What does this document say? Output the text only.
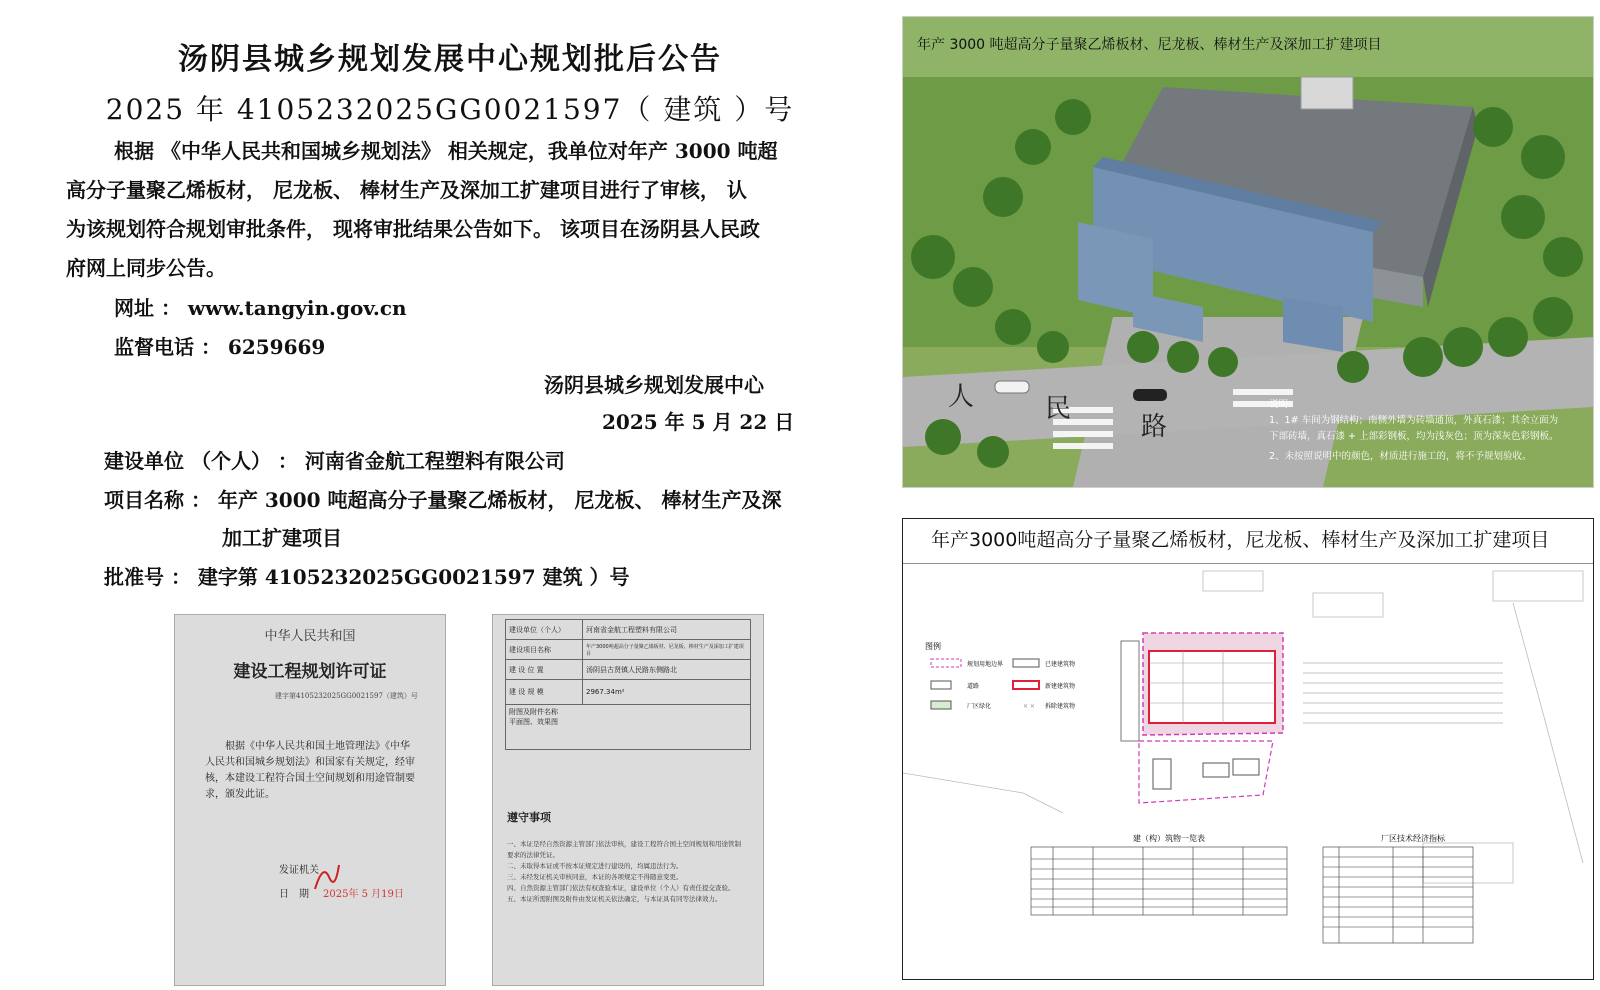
汤阴县城乡规划发展中心规划批后公告
2025 年 4105232025GG0021597（ 建筑 ）号
根据 《中华人民共和国城乡规划法》 相关规定，我单位对年产 3000 吨超
高分子量聚乙烯板材， 尼龙板、 棒材生产及深加工扩建项目进行了审核， 认
为该规划符合规划审批条件， 现将审批结果公告如下。 该项目在汤阴县人民政
府网上同步公告。
网址 ： www.tangyin.gov.cn
监督电话 ： 6259669
汤阴县城乡规划发展中心
2025 年 5 月 22 日
建设单位 （个人） ： 河南省金航工程塑料有限公司
项目名称 ： 年产 3000 吨超高分子量聚乙烯板材， 尼龙板、 棒材生产及深
加工扩建项目
批准号 ： 建字第 4105232025GG0021597 建筑 ）号
中华人民共和国
建设工程规划许可证
建字第4105232025GG0021597（建筑）号
根据《中华人民共和国土地管理法》《中华人民共和国城乡规划法》和国家有关规定，经审核，本建设工程符合国土空间规划和用途管制要求，颁发此证。
发证机关
日　期 2025年 5 月19日
建设单位（个人）	河南省金航工程塑料有限公司
建设项目名称	年产3000吨超高分子量聚乙烯板材、尼龙板、棒材生产及深加工扩建项目
建 设 位 置	汤阴县古贤镇人民路东侧路北
建 设 规 模	2967.34m²
附图及附件名称
平面图、效果图	
遵守事项
一、本证是经自然资源主管部门依法审核，建设工程符合国土空间规划和用途管制要求的法律凭证。
二、未取得本证或不按本证规定进行建设的，均属违法行为。
三、未经发证机关审核同意，本证的各项规定不得随意变更。
四、自然资源主管部门依法有权查验本证，建设单位（个人）有责任提交查验。
五、本证所需附图及附件由发证机关依法确定，与本证具有同等法律效力。
人	民
路
年产 3000 吨超高分子量聚乙烯板材、尼龙板、棒材生产及深加工扩建项目
说明：
1、1# 车间为钢结构；南侧外墙为砖墙通顶，外真石漆；其余立面为
下部砖墙，真石漆 + 上部彩钢板，均为浅灰色；顶为深灰色彩钢板。
2、未按照说明中的颜色，材质进行施工的，将不予规划验收。
年产3000吨超高分子量聚乙烯板材，尼龙板、棒材生产及深加工扩建项目
图例
规划用地边界	已建建筑物
道路	新建建筑物
厂区绿化	✕ ✕ 拆除建筑物
建（构）筑物一览表	厂区技术经济指标
